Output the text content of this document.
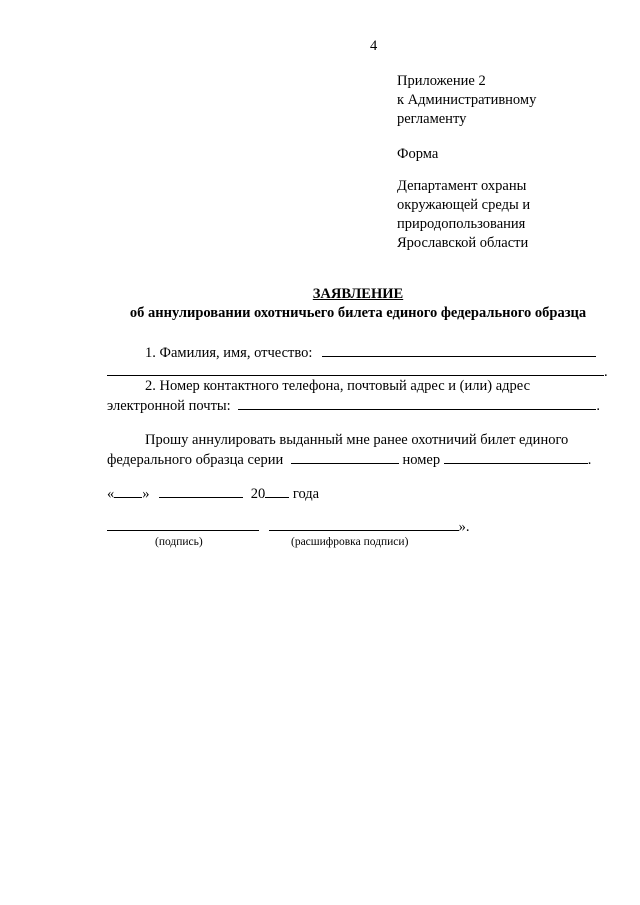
4
Приложение 2
к Административному
регламенту
Форма
Департамент охраны
окружающей среды и
природопользования
Ярославской области
ЗАЯВЛЕНИЕ
об аннулировании охотничьего билета единого федерального образца
1. Фамилия, имя, отчество:
.
2. Номер контактного телефона, почтовый адрес и (или) адрес
электронной почты:	.
Прошу аннулировать выданный мне ранее охотничий билет единого
федерального образца серии	номер	.
« »	20 года
».
(подпись)	(расшифровка подписи)
